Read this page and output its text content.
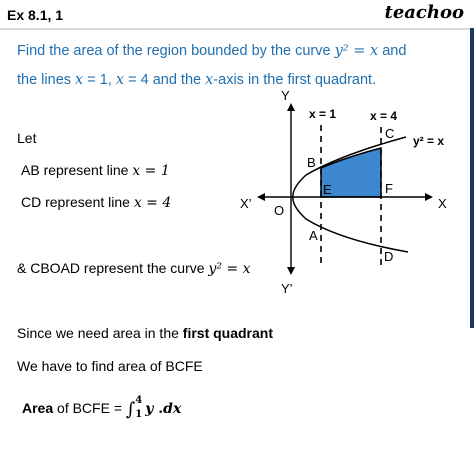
Ex 8.1, 1	teachoo
Find the area of the region bounded by the curve y² = x and
the lines x = 1, x = 4 and the x-axis in the first quadrant.
Let
AB represent line x = 1
CD represent line x = 4
& CBOAD represent the curve y² = x
Since we need area in the first quadrant
We have to find area of BCFE
Area of BCFE = ∫ 4
1 y .dx
Y
Y’
X
X’ O
x = 1	x = 4
y² = x
B
C
E	F
A
D
